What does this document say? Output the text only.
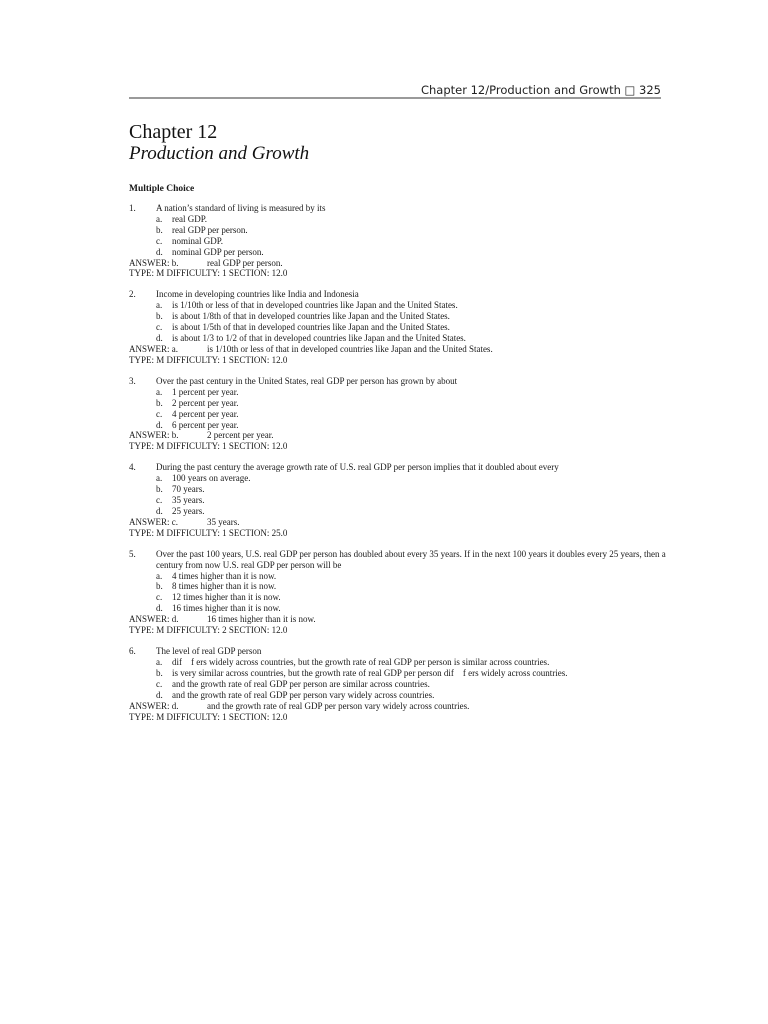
Chapter 12/Production and Growth □ 325
Chapter 12
Production and Growth
Multiple Choice
1.	A nation’s standard of living is measured by its
a.	real GDP.
b.	real GDP per person.
c.	nominal GDP.
d.	nominal GDP per person.
ANSWER: b.	real GDP per person.
TYPE: M DIFFICULTY: 1 SECTION: 12.0
2.	Income in developing countries like India and Indonesia
a.	is 1/10th or less of that in developed countries like Japan and the United States.
b.	is about 1/8th of that in developed countries like Japan and the United States.
c.	is about 1/5th of that in developed countries like Japan and the United States.
d.	is about 1/3 to 1/2 of that in developed countries like Japan and the United States.
ANSWER: a.	is 1/10th or less of that in developed countries like Japan and the United States.
TYPE: M DIFFICULTY: 1 SECTION: 12.0
3.	Over the past century in the United States, real GDP per person has grown by about
a.	1 percent per year.
b.	2 percent per year.
c.	4 percent per year.
d.	6 percent per year.
ANSWER: b.	2 percent per year.
TYPE: M DIFFICULTY: 1 SECTION: 12.0
4.	During the past century the average growth rate of U.S. real GDP per person implies that it doubled about every
a.	100 years on average.
b.	70 years.
c.	35 years.
d.	25 years.
ANSWER: c.	35 years.
TYPE: M DIFFICULTY: 1 SECTION: 25.0
5.	Over the past 100 years, U.S. real GDP per person has doubled about every 35 years. If in the next 100 years it doubles every 25 years, then a century from now U.S. real GDP per person will be
a.	4 times higher than it is now.
b.	8 times higher than it is now.
c.	12 times higher than it is now.
d.	16 times higher than it is now.
ANSWER: d.	16 times higher than it is now.
TYPE: M DIFFICULTY: 2 SECTION: 12.0
6.	The level of real GDP person
a.	dif f ers widely across countries, but the growth rate of real GDP per person is similar across countries.
b.	is very similar across countries, but the growth rate of real GDP per person dif f ers widely across countries.
c.	and the growth rate of real GDP per person are similar across countries.
d.	and the growth rate of real GDP per person vary widely across countries.
ANSWER: d.	and the growth rate of real GDP per person vary widely across countries.
TYPE: M DIFFICULTY: 1 SECTION: 12.0
